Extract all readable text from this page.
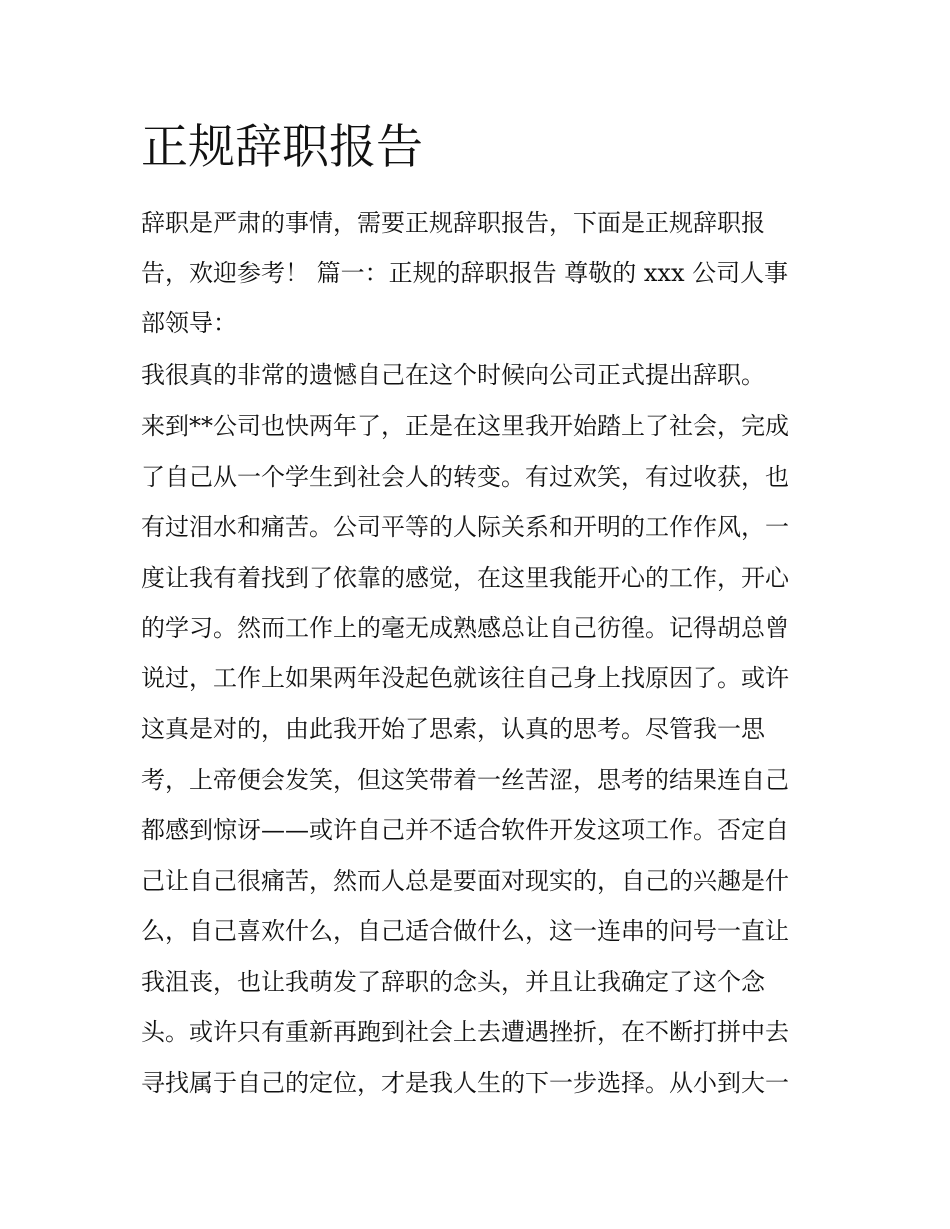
正规辞职报告

辞职是严肃的事情，需要正规辞职报告，下面是正规辞职报

告，欢迎参考！ 篇一：正规的辞职报告 尊敬的 xxx 公司人事

部领导：

我很真的非常的遗憾自己在这个时候向公司正式提出辞职。

来到**公司也快两年了，正是在这里我开始踏上了社会，完成

了自己从一个学生到社会人的转变。有过欢笑，有过收获，也

有过泪水和痛苦。公司平等的人际关系和开明的工作作风，一

度让我有着找到了依靠的感觉，在这里我能开心的工作，开心

的学习。然而工作上的毫无成熟感总让自己彷徨。记得胡总曾

说过，工作上如果两年没起色就该往自己身上找原因了。或许

这真是对的，由此我开始了思索，认真的思考。尽管我一思

考，上帝便会发笑，但这笑带着一丝苦涩，思考的结果连自己

都感到惊讶——或许自己并不适合软件开发这项工作。否定自

己让自己很痛苦，然而人总是要面对现实的，自己的兴趣是什

么，自己喜欢什么，自己适合做什么，这一连串的问号一直让

我沮丧，也让我萌发了辞职的念头，并且让我确定了这个念

头。或许只有重新再跑到社会上去遭遇挫折，在不断打拼中去

寻找属于自己的定位，才是我人生的下一步选择。从小到大一
